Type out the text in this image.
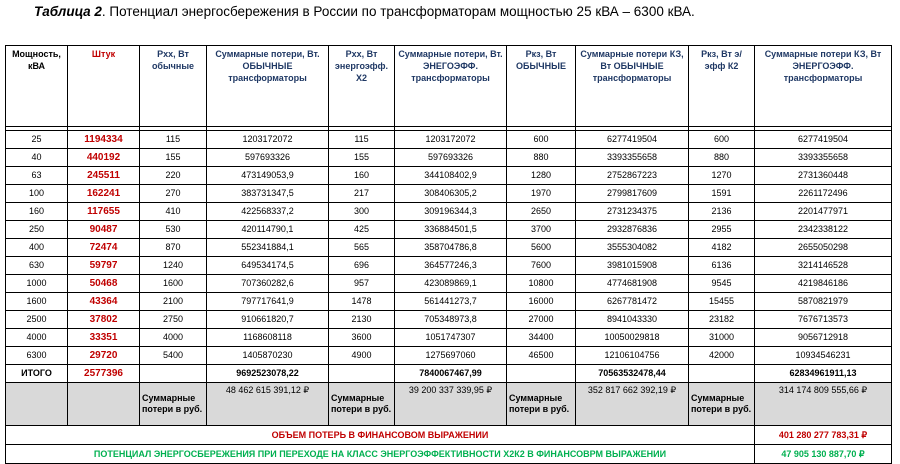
Таблица 2. Потенциал энергосбережения в России по трансформаторам мощностью 25 кВА – 6300 кВА.
Мощность, кВА	Штук	Рхх, Вт обычные	Суммарные потери, Вт. ОБЫЧНЫЕ трансформаторы	Рхх, Вт энергоэфф. Х2	Суммарные потери, Вт. ЭНЕГОЭФФ. трансформаторы	Ркз, Вт ОБЫЧНЫЕ	Суммарные потери КЗ, Вт ОБЫЧНЫЕ трансформаторы	Ркз, Вт э/эфф К2	Суммарные потери КЗ, Вт ЭНЕРГОЭФФ. трансформаторы

25	1194334	115	1203172072	115	1203172072	600	6277419504	600	6277419504
40	440192	155	597693326	155	597693326	880	3393355658	880	3393355658
63	245511	220	473149053,9	160	344108402,9	1280	2752867223	1270	2731360448
100	162241	270	383731347,5	217	308406305,2	1970	2799817609	1591	2261172496
160	117655	410	422568337,2	300	309196344,3	2650	2731234375	2136	2201477971
250	90487	530	420114790,1	425	336884501,5	3700	2932876836	2955	2342338122
400	72474	870	552341884,1	565	358704786,8	5600	3555304082	4182	2655050298
630	59797	1240	649534174,5	696	364577246,3	7600	3981015908	6136	3214146528
1000	50468	1600	707360282,6	957	423089869,1	10800	4774681908	9545	4219846186
1600	43364	2100	797717641,9	1478	561441273,7	16000	6267781472	15455	5870821979
2500	37802	2750	910661820,7	2130	705348973,8	27000	8941043330	23182	7676713573
4000	33351	4000	1168608118	3600	1051747307	34400	10050029818	31000	9056712918
6300	29720	5400	1405870230	4900	1275697060	46500	12106104756	42000	10934546231
ИТОГО	2577396		9692523078,22		7840067467,99		70563532478,44		62834961911,13
		Суммарные потери в руб.	48 462 615 391,12 ₽	Суммарные потери в руб.	39 200 337 339,95 ₽	Суммарные потери в руб.	352 817 662 392,19 ₽	Суммарные потери в руб.	314 174 809 555,66 ₽
ОБЪЕМ ПОТЕРЬ В ФИНАНСОВОМ ВЫРАЖЕНИИ									401 280 277 783,31 ₽
ПОТЕНЦИАЛ ЭНЕРГОСБЕРЕЖЕНИЯ ПРИ ПЕРЕХОДЕ НА КЛАСС ЭНЕРГОЭФФЕКТИВНОСТИ Х2К2 В ФИНАНСОВРМ ВЫРАЖЕНИИ									47 905 130 887,70 ₽
